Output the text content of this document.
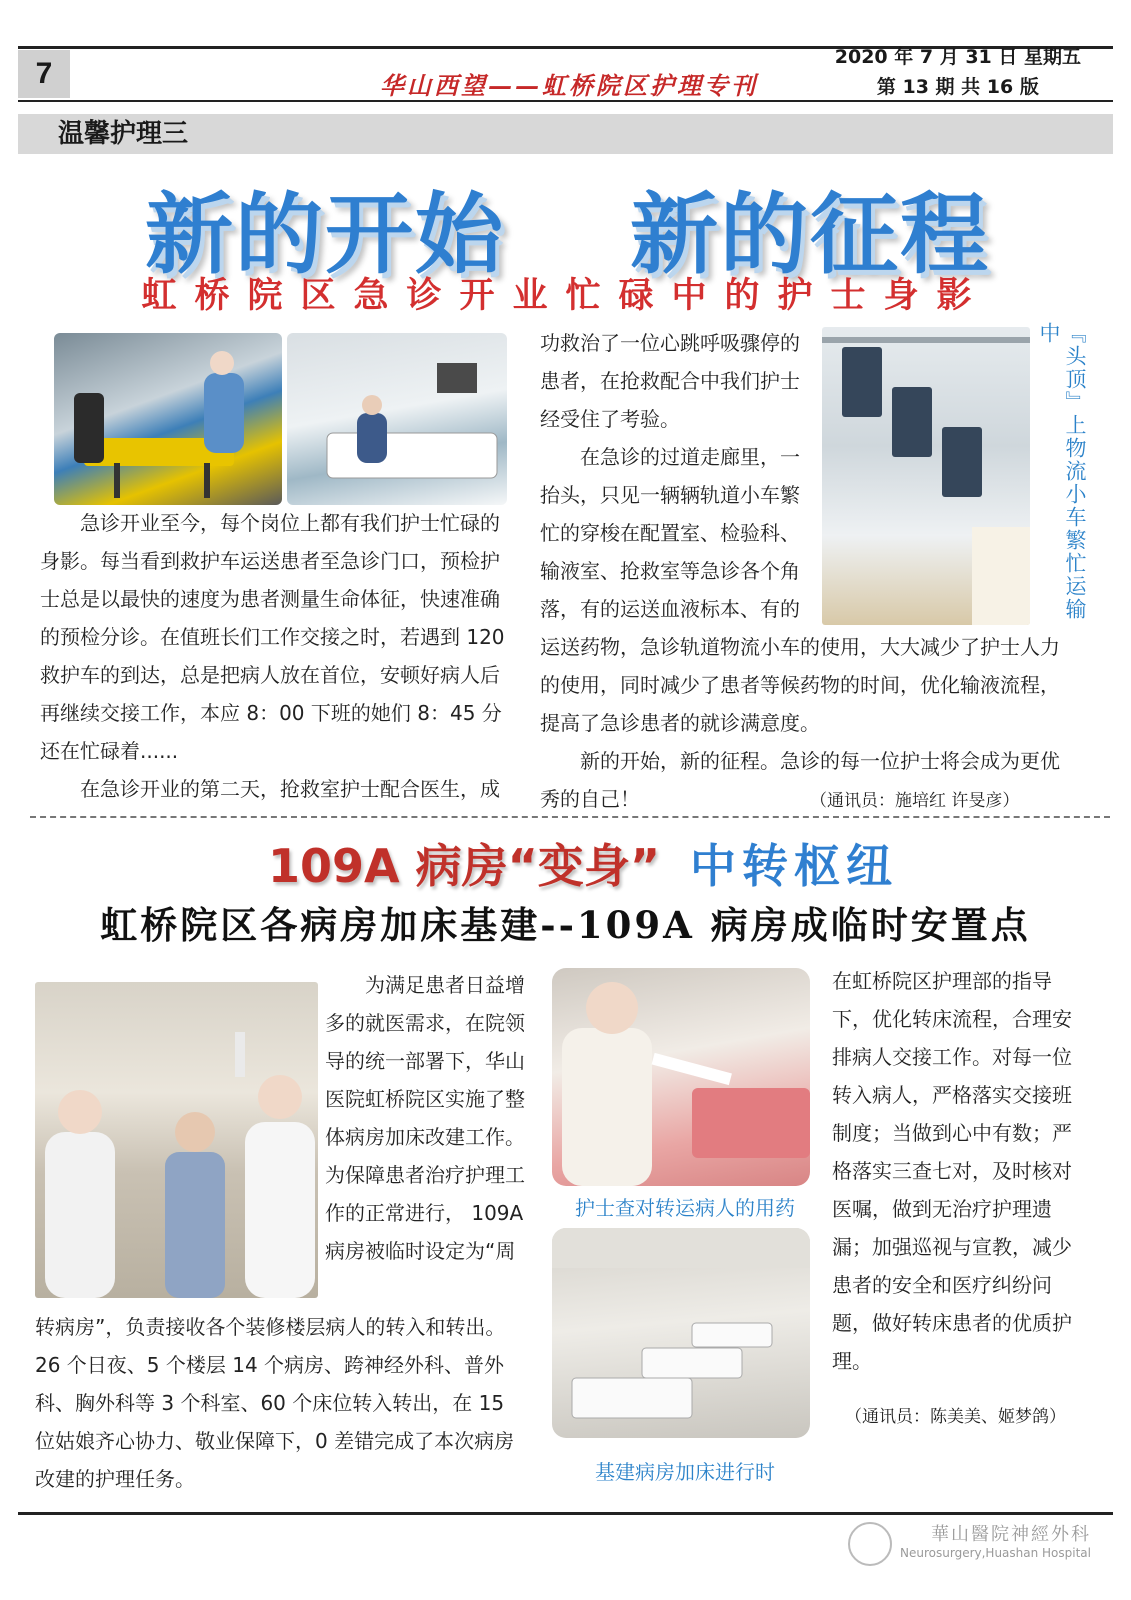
7	华山西望——虹桥院区护理专刊
2020 年 7 月 31 日 星期五
第 13 期 共 16 版
温馨护理三
新的开始 新的征程
虹桥院区急诊开业忙碌中的护士身影

急诊开业至今，每个岗位上都有我们护士忙碌的身影。每当看到救护车运送患者至急诊门口，预检护士总是以最快的速度为患者测量生命体征，快速准确的预检分诊。在值班长们工作交接之时，若遇到 120 救护车的到达，总是把病人放在首位，安顿好病人后再继续交接工作，本应 8：00 下班的她们 8：45 分还在忙碌着......

在急诊开业的第二天，抢救室护士配合医生，成

功救治了一位心跳呼吸骤停的患者，在抢救配合中我们护士经受住了考验。

在急诊的过道走廊里，一抬头，只见一辆辆轨道小车繁忙的穿梭在配置室、检验科、输液室、抢救室等急诊各个角落，有的运送血液标本、有的	『头顶』上物流小车繁忙运输中

运送药物，急诊轨道物流小车的使用，大大减少了护士人力的使用，同时减少了患者等候药物的时间，优化输液流程，提高了急诊患者的就诊满意度。

新的开始，新的征程。急诊的每一位护士将会成为更优秀的自己！	（通讯员：施培红 许旻彦）
109A 病房“变身” 中转枢纽
虹桥院区各病房加床基建--109A 病房成临时安置点

为满足患者日益增多的就医需求，在院领导的统一部署下，华山医院虹桥院区实施了整体病房加床改建工作。为保障患者治疗护理工作的正常进行， 109A 病房被临时设定为“周

转病房”，负责接收各个装修楼层病人的转入和转出。26 个日夜、5 个楼层 14 个病房、跨神经外科、普外科、胸外科等 3 个科室、60 个床位转入转出，在 15 位姑娘齐心协力、敬业保障下，0 差错完成了本次病房改建的护理任务。

护士查对转运病人的用药
基建病房加床进行时

在虹桥院区护理部的指导下，优化转床流程，合理安排病人交接工作。对每一位转入病人，严格落实交接班制度；当做到心中有数；严格落实三查七对，及时核对医嘱，做到无治疗护理遗漏；加强巡视与宣教，减少患者的安全和医疗纠纷问题，做好转床患者的优质护理。

（通讯员：陈美美、姬梦鸽）
華山醫院神經外科
Neurosurgery,Huashan Hospital
